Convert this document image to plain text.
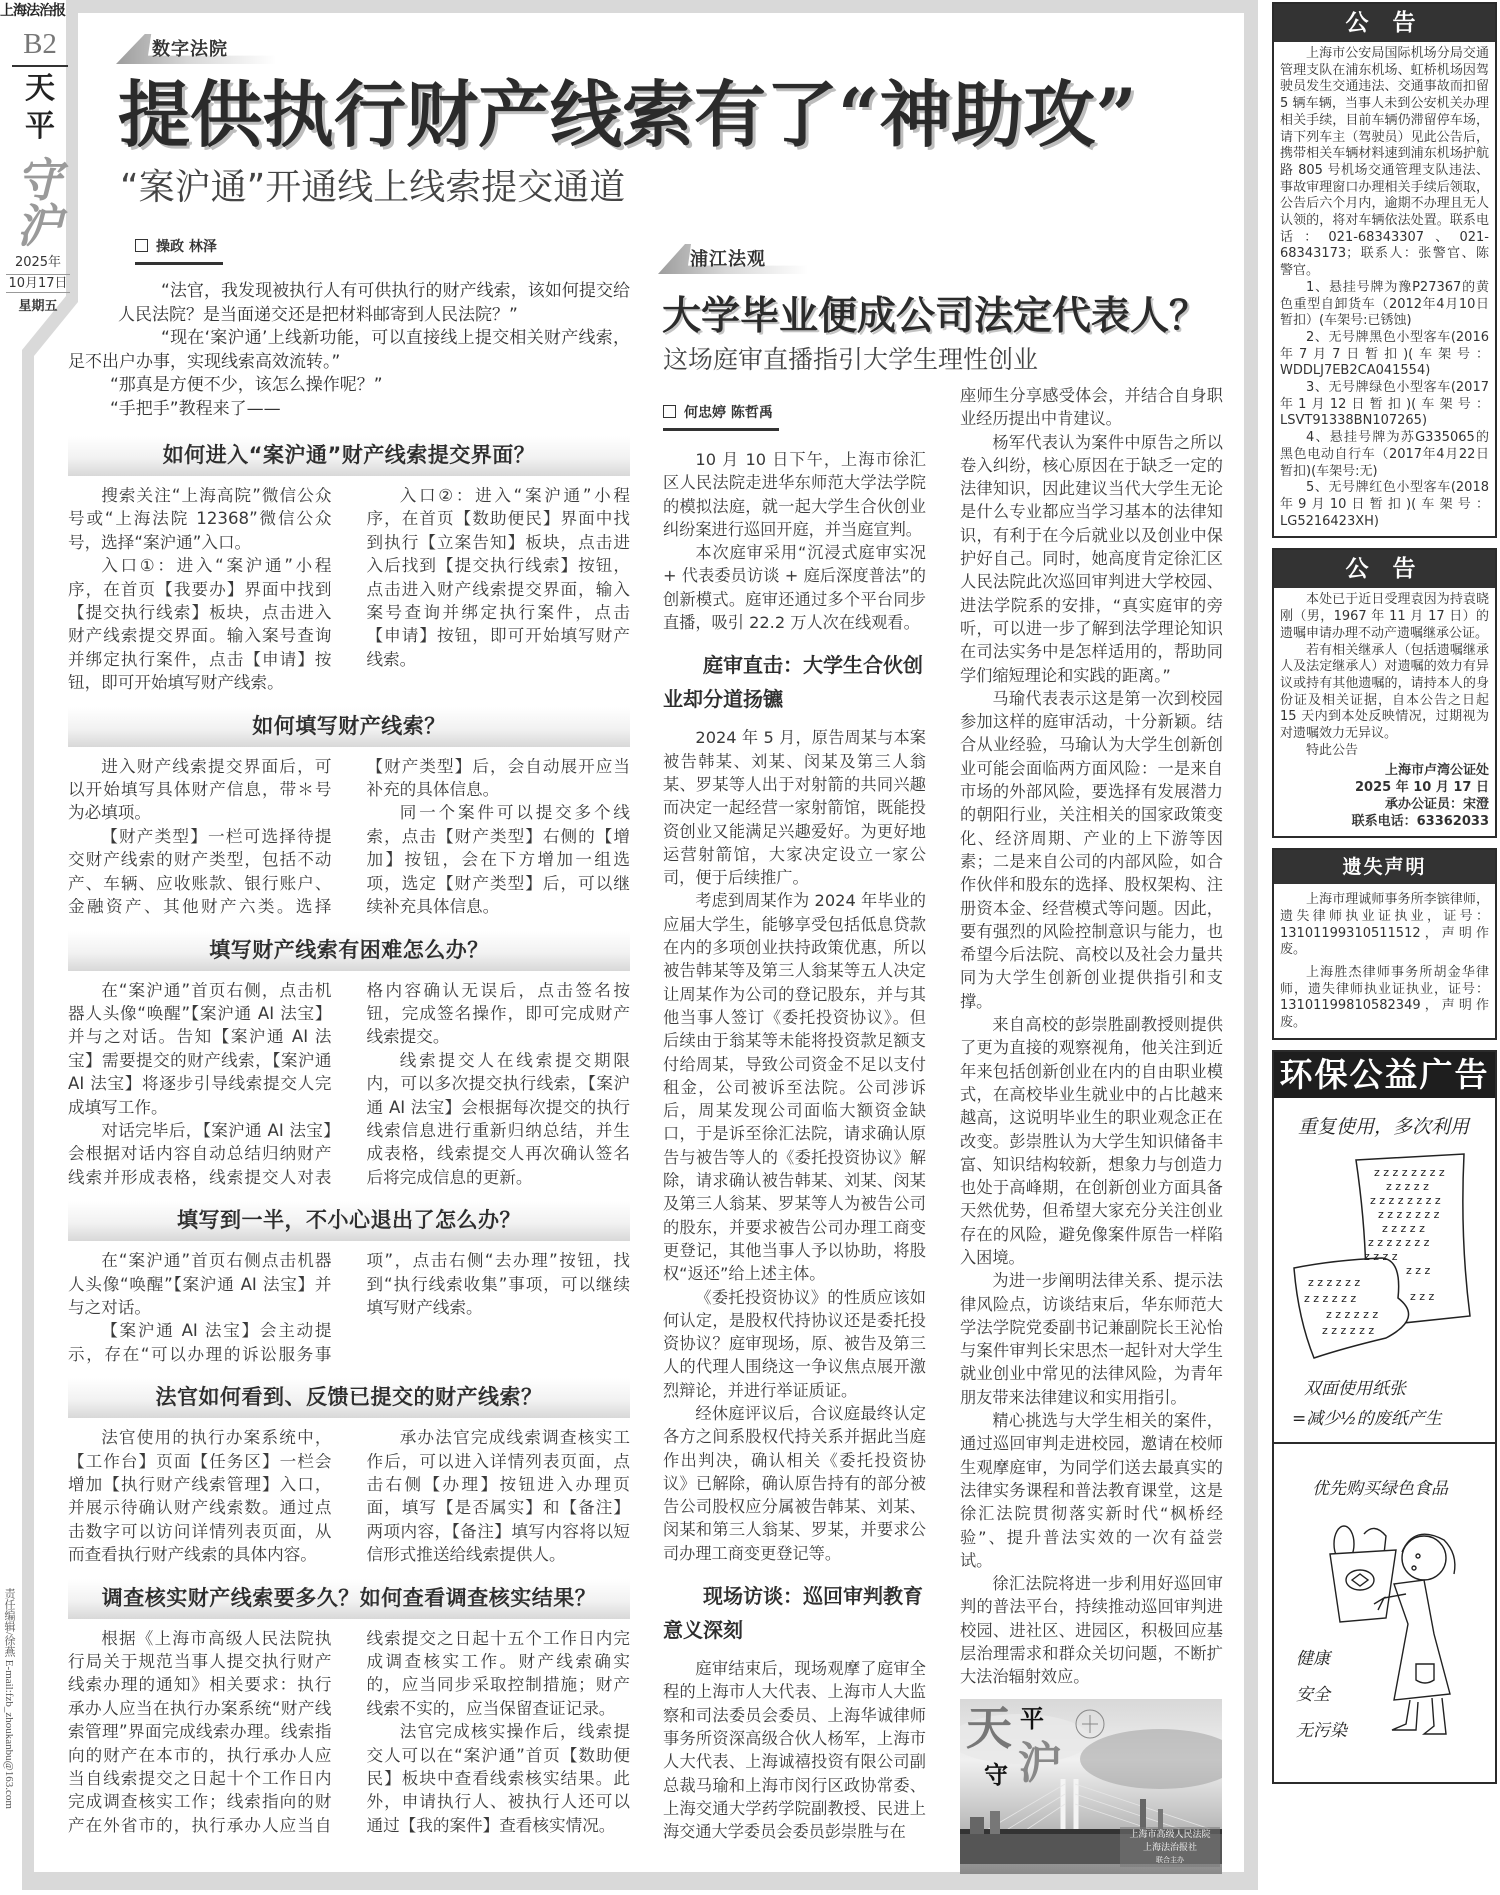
上海法治报
B2
天
平
守
沪
2025年
10月17日
星期五
责任编辑/徐燕 E-mail:fzb_zhoukanbu@163.com
数字法院
提供执行财产线索有了“神助攻”
“案沪通”开通线上线索提交通道
操政 林泽

“法官，我发现被执行人有可供执行的财产线索，该如何提交给人民法院？是当面递交还是把材料邮寄到人民法院？”

“现在‘案沪通’上线新功能，可以直接线上提交相关财产线索，足不出户办事，实现线索高效流转。”

“那真是方便不少，该怎么操作呢？”

“手把手”教程来了——

如何进入“案沪通”财产线索提交界面？

搜索关注“上海高院”微信公众号或“上海法院 12368”微信公众号，选择“案沪通”入口。

入口①：进入“案沪通”小程序，在首页【我要办】界面中找到【提交执行线索】板块，点击进入财产线索提交界面。输入案号查询并绑定执行案件，点击【申请】按钮，即可开始填写财产线索。

入口②：进入“案沪通”小程序，在首页【数助便民】界面中找到执行【立案告知】板块，点击进入后找到【提交执行线索】按钮，点击进入财产线索提交界面，输入案号查询并绑定执行案件，点击【申请】按钮，即可开始填写财产线索。

如何填写财产线索？

进入财产线索提交界面后，可以开始填写具体财产信息，带＊号为必填项。

【财产类型】一栏可选择待提交财产线索的财产类型，包括不动产、车辆、应收账款、银行账户、金融资产、其他财产六类。选择【财产类型】后，会自动展开应当补充的具体信息。

同一个案件可以提交多个线索，点击【财产类型】右侧的【增加】按钮，会在下方增加一组选项，选定【财产类型】后，可以继续补充具体信息。

填写财产线索有困难怎么办？

在“案沪通”首页右侧，点击机器人头像“唤醒”【案沪通 AI 法宝】并与之对话。告知【案沪通 AI 法宝】需要提交的财产线索，【案沪通 AI 法宝】将逐步引导线索提交人完成填写工作。

对话完毕后，【案沪通 AI 法宝】会根据对话内容自动总结归纳财产线索并形成表格，线索提交人对表格内容确认无误后，点击签名按钮，完成签名操作，即可完成财产线索提交。

线索提交人在线索提交期限内，可以多次提交执行线索，【案沪通 AI 法宝】会根据每次提交的执行线索信息进行重新归纳总结，并生成表格，线索提交人再次确认签名后将完成信息的更新。

填写到一半，不小心退出了怎么办？

在“案沪通”首页右侧点击机器人头像“唤醒”【案沪通 AI 法宝】并与之对话。

【案沪通 AI 法宝】会主动提示，存在“可以办理的诉讼服务事项”，点击右侧“去办理”按钮，找到“执行线索收集”事项，可以继续填写财产线索。

法官如何看到、反馈已提交的财产线索？

法官使用的执行办案系统中，【工作台】页面【任务区】一栏会增加【执行财产线索管理】入口，并展示待确认财产线索数。通过点击数字可以访问详情列表页面，从而查看执行财产线索的具体内容。

承办法官完成线索调查核实工作后，可以进入详情列表页面，点击右侧【办理】按钮进入办理页面，填写【是否属实】和【备注】两项内容，【备注】填写内容将以短信形式推送给线索提供人。

调查核实财产线索要多久？如何查看调查核实结果？

根据《上海市高级人民法院执行局关于规范当事人提交执行财产线索办理的通知》相关要求：执行承办人应当在执行办案系统“财产线索管理”界面完成线索办理。线索指向的财产在本市的，执行承办人应当自线索提交之日起十个工作日内完成调查核实工作；线索指向的财产在外省市的，执行承办人应当自线索提交之日起十五个工作日内完成调查核实工作。财产线索确实的，应当同步采取控制措施；财产线索不实的，应当保留查证记录。

法官完成核实操作后，线索提交人可以在“案沪通”首页【数助便民】板块中查看线索核实结果。此外，申请执行人、被执行人还可以通过【我的案件】查看核实情况。

浦江法观
大学毕业便成公司法定代表人？
这场庭审直播指引大学生理性创业
何忠婷 陈哲禹

10 月 10 日下午，上海市徐汇区人民法院走进华东师范大学法学院的模拟法庭，就一起大学生合伙创业纠纷案进行巡回开庭，并当庭宣判。

本次庭审采用“沉浸式庭审实况 + 代表委员访谈 + 庭后深度普法”的创新模式。庭审还通过多个平台同步直播，吸引 22.2 万人次在线观看。

庭审直击：大学生合伙创业却分道扬镳

2024 年 5 月，原告周某与本案被告韩某、刘某、闵某及第三人翁某、罗某等人出于对射箭的共同兴趣而决定一起经营一家射箭馆，既能投资创业又能满足兴趣爱好。为更好地运营射箭馆，大家决定设立一家公司，便于后续推广。

考虑到周某作为 2024 年毕业的应届大学生，能够享受包括低息贷款在内的多项创业扶持政策优惠，所以被告韩某等及第三人翁某等五人决定让周某作为公司的登记股东，并与其他当事人签订《委托投资协议》。但后续由于翁某等未能将投资款足额支付给周某，导致公司资金不足以支付租金，公司被诉至法院。公司涉诉后，周某发现公司面临大额资金缺口，于是诉至徐汇法院，请求确认原告与被告等人的《委托投资协议》解除，请求确认被告韩某、刘某、闵某及第三人翁某、罗某等人为被告公司的股东，并要求被告公司办理工商变更登记，其他当事人予以协助，将股权“返还”给上述主体。

《委托投资协议》的性质应该如何认定，是股权代持协议还是委托投资协议？庭审现场，原、被告及第三人的代理人围绕这一争议焦点展开激烈辩论，并进行举证质证。

经休庭评议后，合议庭最终认定各方之间系股权代持关系并据此当庭作出判决，确认相关《委托投资协议》已解除，确认原告持有的部分被告公司股权应分属被告韩某、刘某、闵某和第三人翁某、罗某，并要求公司办理工商变更登记等。

现场访谈：巡回审判教育意义深刻

庭审结束后，现场观摩了庭审全程的上海市人大代表、上海市人大监察和司法委员会委员、上海华诚律师事务所资深高级合伙人杨军，上海市人大代表、上海诚禧投资有限公司副总裁马瑜和上海市闵行区政协常委、上海交通大学药学院副教授、民进上海交通大学委员会委员彭崇胜与在

座师生分享感受体会，并结合自身职业经历提出中肯建议。

杨军代表认为案件中原告之所以卷入纠纷，核心原因在于缺乏一定的法律知识，因此建议当代大学生无论是什么专业都应当学习基本的法律知识，有利于在今后就业以及创业中保护好自己。同时，她高度肯定徐汇区人民法院此次巡回审判进大学校园、进法学院系的安排，“真实庭审的旁听，可以进一步了解到法学理论知识在司法实务中是怎样适用的，帮助同学们缩短理论和实践的距离。”

马瑜代表表示这是第一次到校园参加这样的庭审活动，十分新颖。结合从业经验，马瑜认为大学生创新创业可能会面临两方面风险：一是来自市场的外部风险，要选择有发展潜力的朝阳行业，关注相关的国家政策变化、经济周期、产业的上下游等因素；二是来自公司的内部风险，如合作伙伴和股东的选择、股权架构、注册资本金、经营模式等问题。因此，要有强烈的风险控制意识与能力，也希望今后法院、高校以及社会力量共同为大学生创新创业提供指引和支撑。

来自高校的彭崇胜副教授则提供了更为直接的观察视角，他关注到近年来包括创新创业在内的自由职业模式，在高校毕业生就业中的占比越来越高，这说明毕业生的职业观念正在改变。彭崇胜认为大学生知识储备丰富、知识结构较新，想象力与创造力也处于高峰期，在创新创业方面具备天然优势，但希望大家充分关注创业存在的风险，避免像案件原告一样陷入困境。

为进一步阐明法律关系、提示法律风险点，访谈结束后，华东师范大学法学院党委副书记兼副院长王沁怡与案件审判长宋思杰一起针对大学生就业创业中常见的法律风险，为青年朋友带来法律建议和实用指引。

精心挑选与大学生相关的案件，通过巡回审判走进校园，邀请在校师生观摩庭审，为同学们送去最真实的法律实务课程和普法教育课堂，这是徐汇法院贯彻落实新时代“枫桥经验”、提升普法实效的一次有益尝试。

徐汇法院将进一步利用好巡回审判的普法平台，持续推动巡回审判进校园、进社区、进园区，积极回应基层治理需求和群众关切问题，不断扩大法治辐射效应。

天 平
守 沪
上海市高级人民法院
上海法治报社
联合主办
公 告

上海市公安局国际机场分局交通管理支队在浦东机场、虹桥机场因驾驶员发生交通违法、交通事故而扣留 5 辆车辆，当事人未到公安机关办理相关手续，目前车辆仍滞留停车场，请下列车主（驾驶员）见此公告后，携带相关车辆材料速到浦东机场护航路 805 号机场交通管理支队违法、事故审理窗口办理相关手续后领取，公告后六个月内，逾期不办理且无人认领的，将对车辆依法处置。联系电话：021-68343307、021-68343173；联系人：张警官、陈警官。

1、悬挂号牌为豫P27367的黄色重型自卸货车（2012年4月10日暂扣）(车架号:已锈蚀)

2、无号牌黑色小型客车(2016年7月7日暂扣)(车架号：WDDLJ7EB2CA041554)

3、无号牌绿色小型客车(2017年1月12日暂扣)(车架号：LSVT91338BN107265)

4、悬挂号牌为苏G335065的黑色电动自行车（2017年4月22日暂扣)(车架号:无)

5、无号牌红色小型客车(2018年9月10日暂扣)(车架号：LG5216423XH)

公 告

本处已于近日受理袁因为持袁晓刚（男，1967 年 11 月 17 日）的遗嘱申请办理不动产遗嘱继承公证。

若有相关继承人（包括遗嘱继承人及法定继承人）对遗嘱的效力有异议或持有其他遗嘱的，请持本人的身份证及相关证据，自本公告之日起 15 天内到本处反映情况，过期视为对遗嘱效力无异议。

特此公告

上海市卢湾公证处

2025 年 10 月 17 日

承办公证员：宋澄

联系电话：63362033

遗失声明

上海市理诚师事务所李镔律师，遗失律师执业证执业，证号：13101199310511512，声明作废。

上海胜杰律师事务所胡金华律师，遗失律师执业证执业，证号：13101199810582349，声明作废。

环保公益广告
重复使用，多次利用
z z z z z z z z
z z z z z
z z z z z z z z
z z z z z z z
z z z z z
z z z z z z z
z z z z
z z z
z z z
z z z z z z
z z z z z z
z z z z z z
z z z z z z
双面使用纸张
=减少½的废纸产生
优先购买绿色食品
健康
安全
无污染
